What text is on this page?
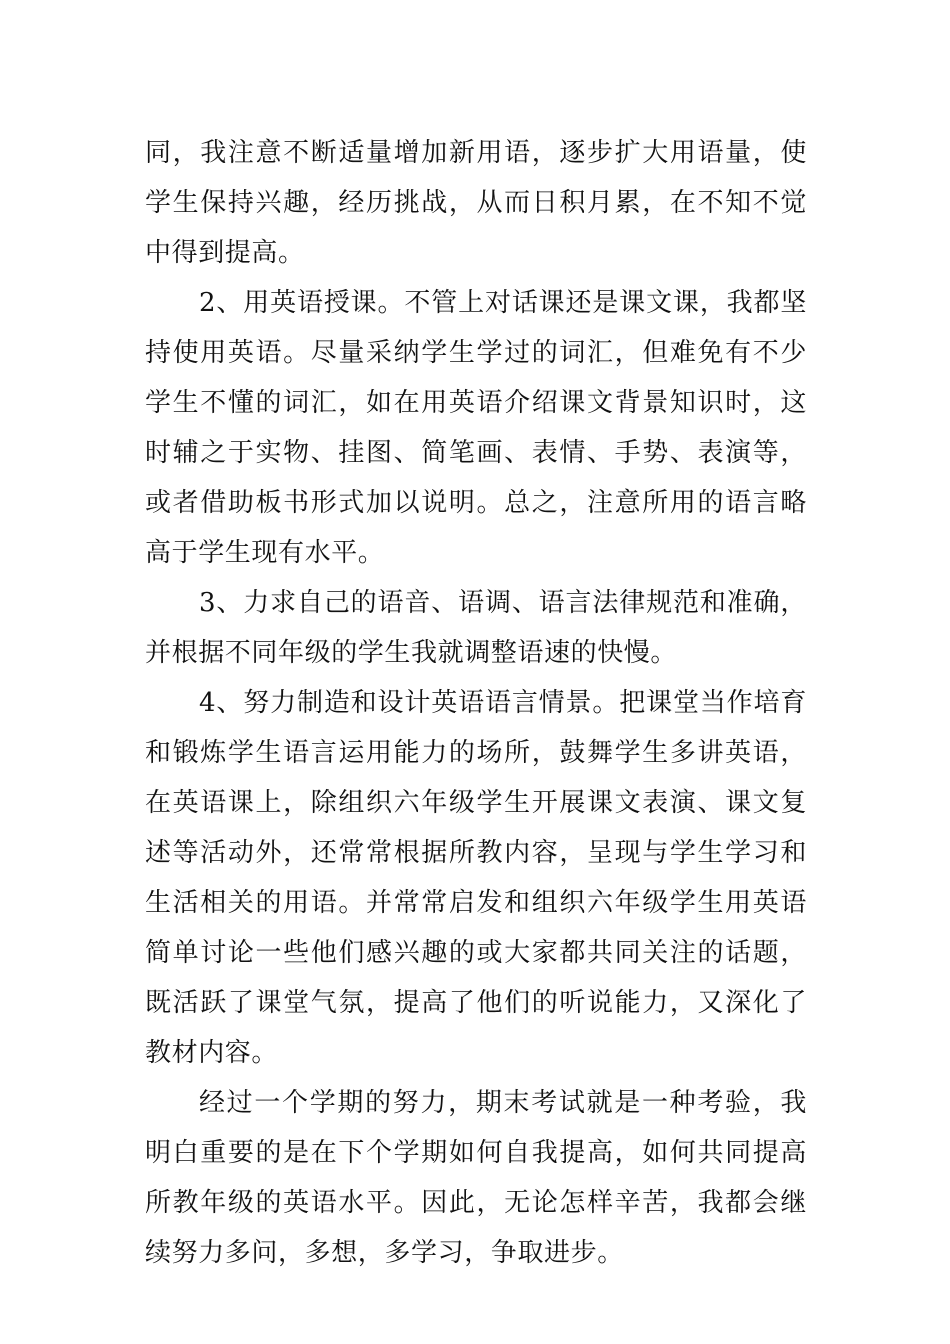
同，我注意不断适量增加新用语，逐步扩大用语量，使学生保持兴趣，经历挑战，从而日积月累，在不知不觉中得到提高。

2、用英语授课。不管上对话课还是课文课，我都坚持使用英语。尽量采纳学生学过的词汇，但难免有不少学生不懂的词汇，如在用英语介绍课文背景知识时，这时辅之于实物、挂图、简笔画、表情、手势、表演等，或者借助板书形式加以说明。总之，注意所用的语言略高于学生现有水平。

3、力求自己的语音、语调、语言法律规范和准确，并根据不同年级的学生我就调整语速的快慢。

4、努力制造和设计英语语言情景。把课堂当作培育和锻炼学生语言运用能力的场所，鼓舞学生多讲英语，在英语课上，除组织六年级学生开展课文表演、课文复述等活动外，还常常根据所教内容，呈现与学生学习和生活相关的用语。并常常启发和组织六年级学生用英语简单讨论一些他们感兴趣的或大家都共同关注的话题，既活跃了课堂气氛，提高了他们的听说能力，又深化了教材内容。

经过一个学期的努力，期末考试就是一种考验，我明白重要的是在下个学期如何自我提高，如何共同提高所教年级的英语水平。因此，无论怎样辛苦，我都会继续努力多问，多想，多学习，争取进步。
